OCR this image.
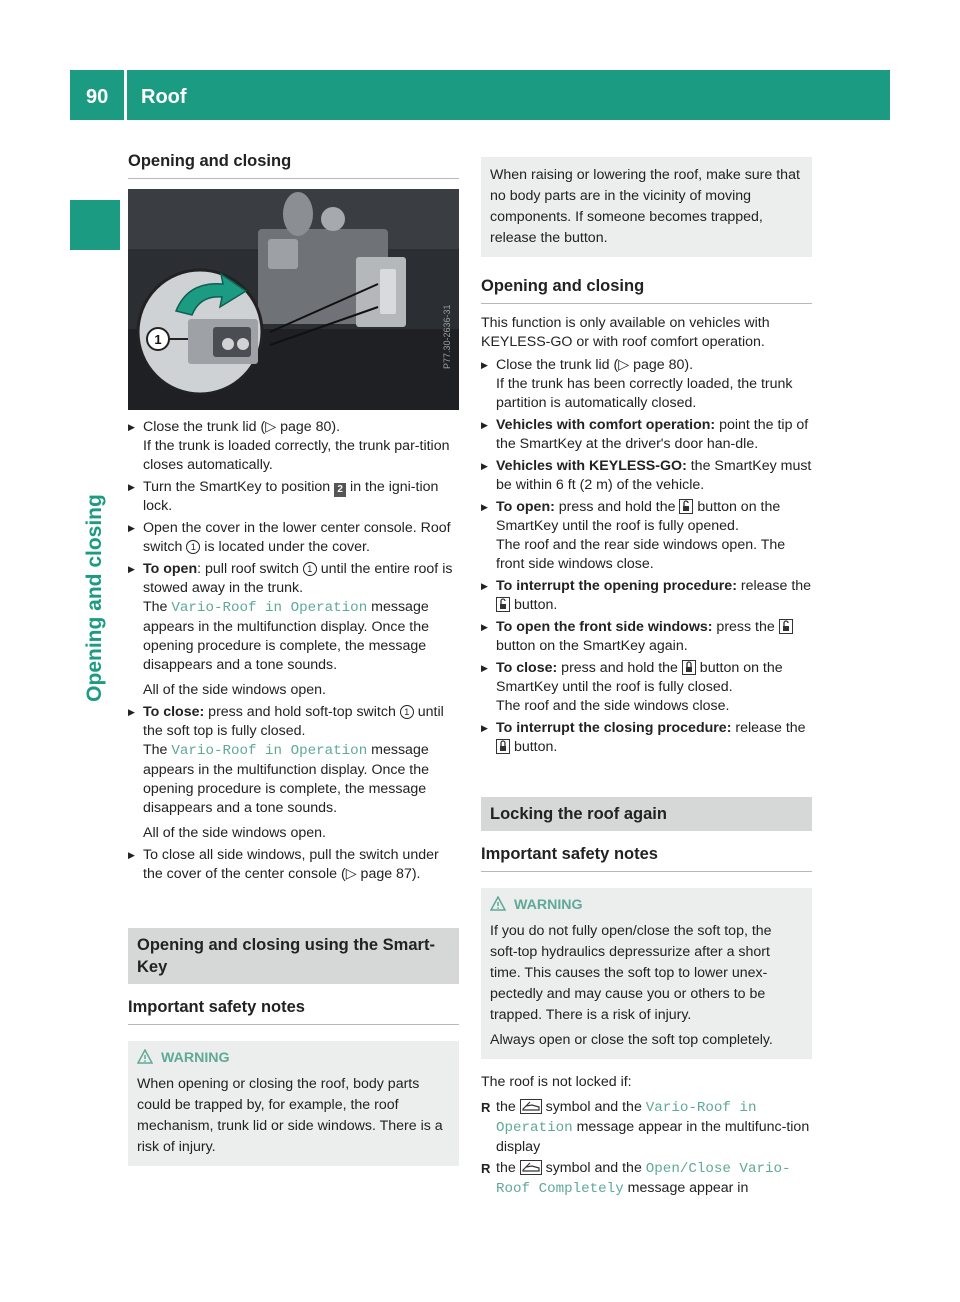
90 Roof
Opening and closing
Opening and closing
1	P77.30-2636-31
▶ Close the trunk lid (▷ page 80).
If the trunk is loaded correctly, the trunk par-tition closes automatically.
▶ Turn the SmartKey to position 2 in the igni-tion lock.
▶ Open the cover in the lower center console. Roof switch 1 is located under the cover.
▶ To open: pull roof switch 1 until the entire roof is stowed away in the trunk.
The Vario-Roof in Operation message appears in the multifunction display. Once the opening procedure is complete, the message disappears and a tone sounds.
All of the side windows open.
▶ To close: press and hold soft-top switch 1 until the soft top is fully closed.
The Vario-Roof in Operation message appears in the multifunction display. Once the opening procedure is complete, the message disappears and a tone sounds.
All of the side windows open.
▶ To close all side windows, pull the switch under the cover of the center console (▷ page 87).
Opening and closing using the Smart-Key
Important safety notes
WARNING

When opening or closing the roof, body parts could be trapped by, for example, the roof mechanism, trunk lid or side windows. There is a risk of injury.

When raising or lowering the roof, make sure that no body parts are in the vicinity of moving components. If someone becomes trapped, release the button.
Opening and closing
This function is only available on vehicles with KEYLESS-GO or with roof comfort operation.
▶ Close the trunk lid (▷ page 80).
If the trunk has been correctly loaded, the trunk partition is automatically closed.
▶ Vehicles with comfort operation: point the tip of the SmartKey at the driver's door han-dle.
▶ Vehicles with KEYLESS-GO: the SmartKey must be within 6 ft (2 m) of the vehicle.
▶ To open: press and hold the  button on the SmartKey until the roof is fully opened.
The roof and the rear side windows open. The front side windows close.
▶ To interrupt the opening procedure: release the  button.
▶ To open the front side windows: press the  button on the SmartKey again.
▶ To close: press and hold the  button on the SmartKey until the roof is fully closed.
The roof and the side windows close.
▶ To interrupt the closing procedure: release the  button.
Locking the roof again
Important safety notes
WARNING

If you do not fully open/close the soft top, the soft-top hydraulics depressurize after a short time. This causes the soft top to lower unex-pectedly and may cause you or others to be trapped. There is a risk of injury.

Always open or close the soft top completely.

The roof is not locked if:
R the  symbol and the Vario-Roof in Operation message appear in the multifunc-tion display
R the  symbol and the Open/Close Vario-Roof Completely message appear in
